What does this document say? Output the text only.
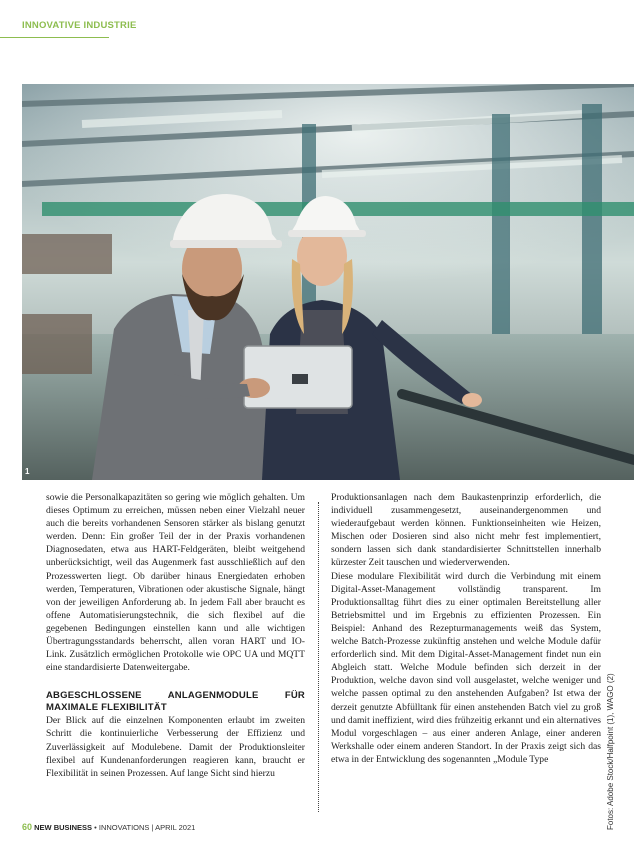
INNOVATIVE INDUSTRIE
1

sowie die Personalkapazitäten so gering wie möglich gehalten. Um dieses Optimum zu erreichen, müssen neben einer Vielzahl neuer auch die bereits vorhandenen Sensoren stärker als bislang genutzt werden. Denn: Ein großer Teil der in der Praxis vorhandenen Diagnosedaten, etwa aus HART-Feldgeräten, bleibt weitgehend unberücksichtigt, weil das Augenmerk fast ausschließlich auf den Prozesswerten liegt. Ob darüber hinaus Energiedaten erhoben werden, Temperaturen, Vibrationen oder akustische Signale, hängt von der jeweiligen Anforderung ab. In jedem Fall aber braucht es offene Automatisierungstechnik, die sich flexibel auf die gegebenen Bedingungen einstellen kann und alle wichtigen Übertragungsstandards beherrscht, allen voran HART und IO-Link. Zusätzlich ermöglichen Protokolle wie OPC UA und MQTT eine standardisierte Datenweitergabe.

ABGESCHLOSSENE ANLAGENMODULE FÜR MAXIMALE FLEXIBILITÄT

Der Blick auf die einzelnen Komponenten erlaubt im zweiten Schritt die kontinuierliche Verbesserung der Effizienz und Zuverlässigkeit auf Modulebene. Damit der Produktionsleiter flexibel auf Kundenanforderungen reagieren kann, braucht er Flexibilität in seinen Prozessen. Auf lange Sicht sind hierzu

Produktionsanlagen nach dem Baukastenprinzip erforderlich, die individuell zusammengesetzt, auseinandergenommen und wiederaufgebaut werden können. Funktionseinheiten wie Heizen, Mischen oder Dosieren sind also nicht mehr fest implementiert, sondern lassen sich dank standardisierter Schnittstellen innerhalb kürzester Zeit tauschen und wiederverwenden.

Diese modulare Flexibilität wird durch die Verbindung mit einem Digital-Asset-Management vollständig transparent. Im Produktionsalltag führt dies zu einer optimalen Bereitstellung aller Betriebsmittel und im Ergebnis zu effizienten Prozessen. Ein Beispiel: Anhand des Rezepturmanagements weiß das System, welche Batch-Prozesse zukünftig anstehen und welche Module dafür erforderlich sind. Mit dem Digital-Asset-Management findet nun ein Abgleich statt. Welche Module befinden sich derzeit in der Produktion, welche davon sind voll ausgelastet, welche weniger und welche passen optimal zu den anstehenden Aufgaben? Ist etwa der derzeit genutzte Abfülltank für einen anstehenden Batch viel zu groß und damit ineffizient, wird dies frühzeitig erkannt und ein alternatives Modul vorgeschlagen – aus einer anderen Anlage, einer anderen Werkshalle oder einem anderen Standort. In der Praxis zeigt sich das etwa in der Entwicklung des sogenannten „Module Type	Fotos: Adobe Stock/Halfpoint (1), WAGO (2)
60 NEW BUSINESS • INNOVATIONS | APRIL 2021
